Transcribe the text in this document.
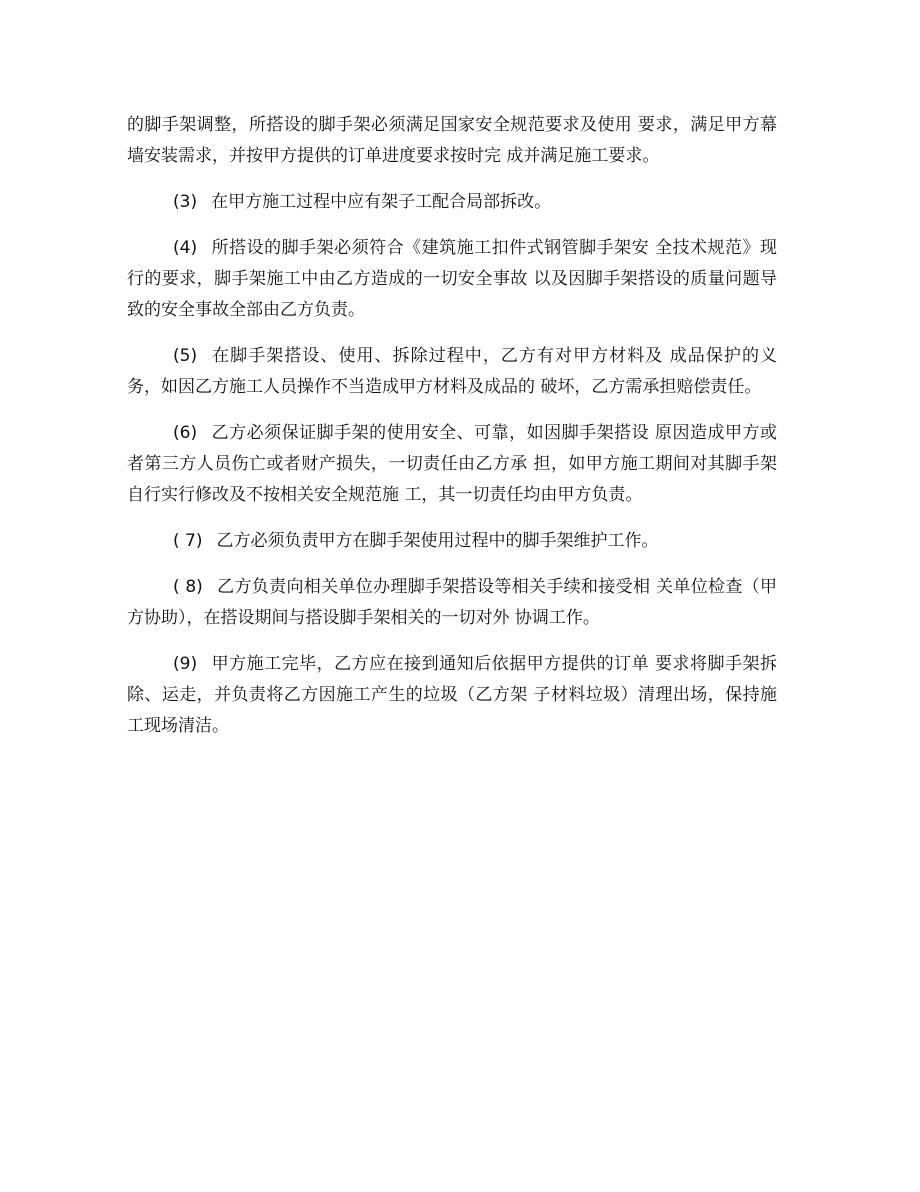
的脚手架调整，所搭设的脚手架必须满足国家安全规范要求及使用 要求，满足甲方幕墙安装需求，并按甲方提供的订单进度要求按时完 成并满足施工要求。

(3) 在甲方施工过程中应有架子工配合局部拆改。

(4) 所搭设的脚手架必须符合《建筑施工扣件式钢管脚手架安 全技术规范》现行的要求，脚手架施工中由乙方造成的一切安全事故 以及因脚手架搭设的质量问题导致的安全事故全部由乙方负责。

(5) 在脚手架搭设、使用、拆除过程中，乙方有对甲方材料及 成品保护的义务，如因乙方施工人员操作不当造成甲方材料及成品的 破坏，乙方需承担赔偿责任。

(6) 乙方必须保证脚手架的使用安全、可靠，如因脚手架搭设 原因造成甲方或者第三方人员伤亡或者财产损失，一切责任由乙方承 担，如甲方施工期间对其脚手架自行实行修改及不按相关安全规范施 工，其一切责任均由甲方负责。

( 7) 乙方必须负责甲方在脚手架使用过程中的脚手架维护工作。

( 8) 乙方负责向相关单位办理脚手架搭设等相关手续和接受相 关单位检查（甲方协助），在搭设期间与搭设脚手架相关的一切对外 协调工作。

(9) 甲方施工完毕，乙方应在接到通知后依据甲方提供的订单 要求将脚手架拆除、运走，并负责将乙方因施工产生的垃圾（乙方架 子材料垃圾）清理出场，保持施工现场清洁。
